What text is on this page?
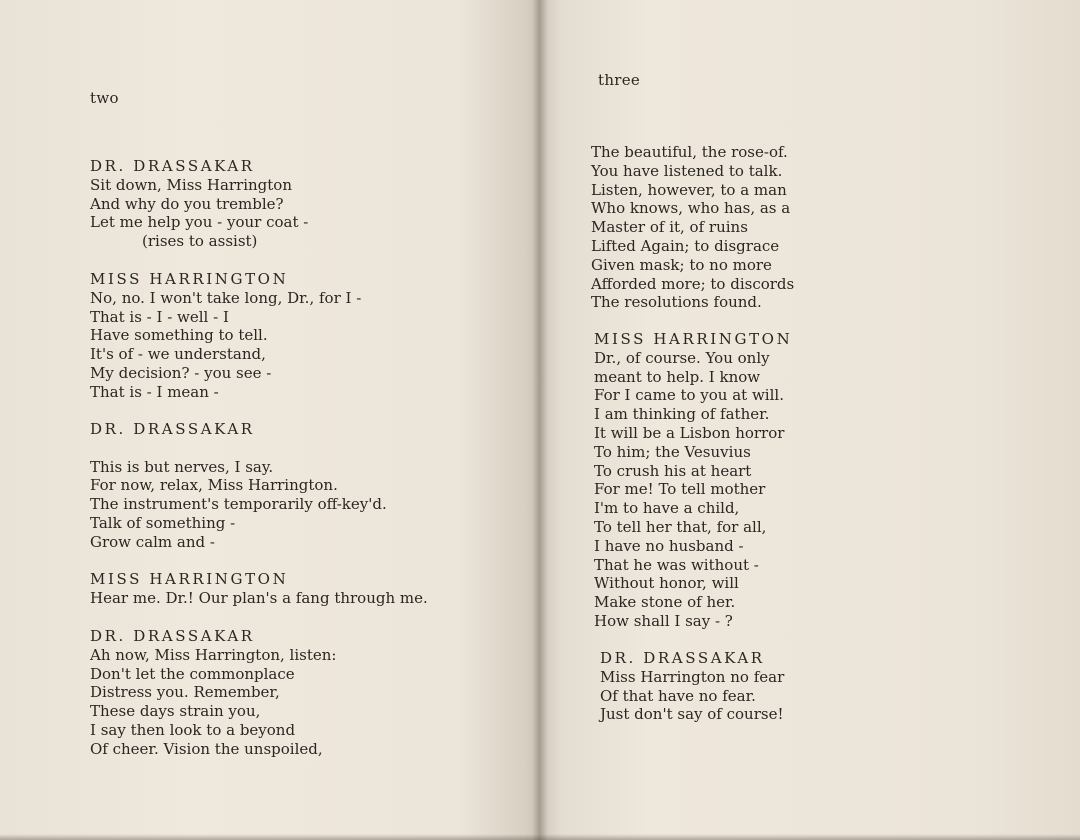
two
DR. DRASSAKAR
Sit down, Miss Harrington
And why do you tremble?
Let me help you - your coat -
(rises to assist)
MISS HARRINGTON
No, no. I won't take long, Dr., for I -
That is - I - well - I
Have something to tell.
It's of - we understand,
My decision? - you see -
That is - I mean -
DR. DRASSAKAR
This is but nerves, I say.
For now, relax, Miss Harrington.
The instrument's temporarily off-key'd.
Talk of something -
Grow calm and -
MISS HARRINGTON
Hear me. Dr.! Our plan's a fang through me.
DR. DRASSAKAR
Ah now, Miss Harrington, listen:
Don't let the commonplace
Distress you. Remember,
These days strain you,
I say then look to a beyond
Of cheer. Vision the unspoiled,
three
The beautiful, the rose-of.
You have listened to talk.
Listen, however, to a man
Who knows, who has, as a
Master of it, of ruins
Lifted Again; to disgrace
Given mask; to no more
Afforded more; to discords
The resolutions found.
MISS HARRINGTON
Dr., of course. You only
meant to help. I know
For I came to you at will.
I am thinking of father.
It will be a Lisbon horror
To him; the Vesuvius
To crush his at heart
For me! To tell mother
I'm to have a child,
To tell her that, for all,
I have no husband -
That he was without -
Without honor, will
Make stone of her.
How shall I say - ?
DR. DRASSAKAR
Miss Harrington no fear
Of that have no fear.
Just don't say of course!
